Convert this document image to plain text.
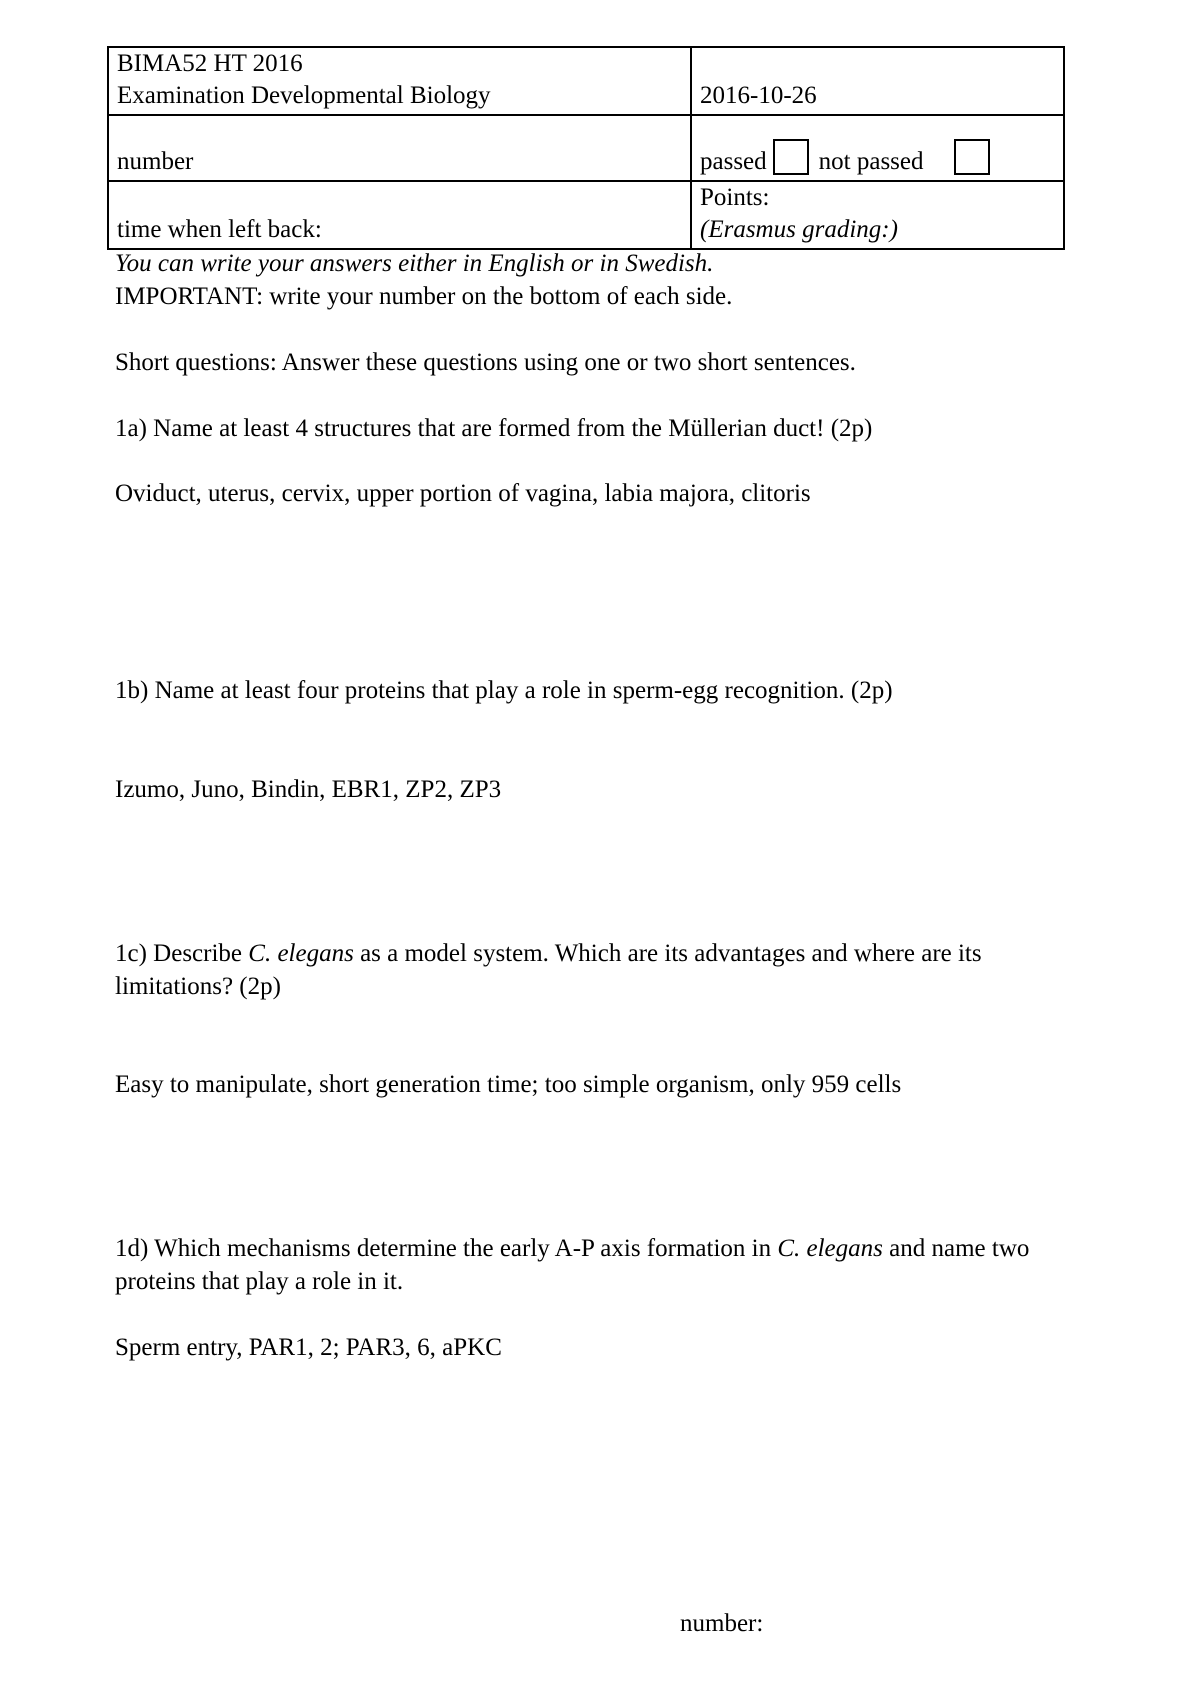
BIMA52 HT 2016
Examination Developmental Biology	2016-10-26

number	passed not passed

time when left back:	Points:
(Erasmus grading:)
You can write your answers either in English or in Swedish.
IMPORTANT: write your number on the bottom of each side.
Short questions: Answer these questions using one or two short sentences.
1a) Name at least 4 structures that are formed from the Müllerian duct! (2p)
Oviduct, uterus, cervix, upper portion of vagina, labia majora, clitoris
1b) Name at least four proteins that play a role in sperm-egg recognition. (2p)
Izumo, Juno, Bindin, EBR1, ZP2, ZP3
1c) Describe C. elegans as a model system. Which are its advantages and where are its limitations? (2p)
Easy to manipulate, short generation time; too simple organism, only 959 cells
1d) Which mechanisms determine the early A-P axis formation in C. elegans and name two proteins that play a role in it.
Sperm entry, PAR1, 2; PAR3, 6, aPKC
number:
